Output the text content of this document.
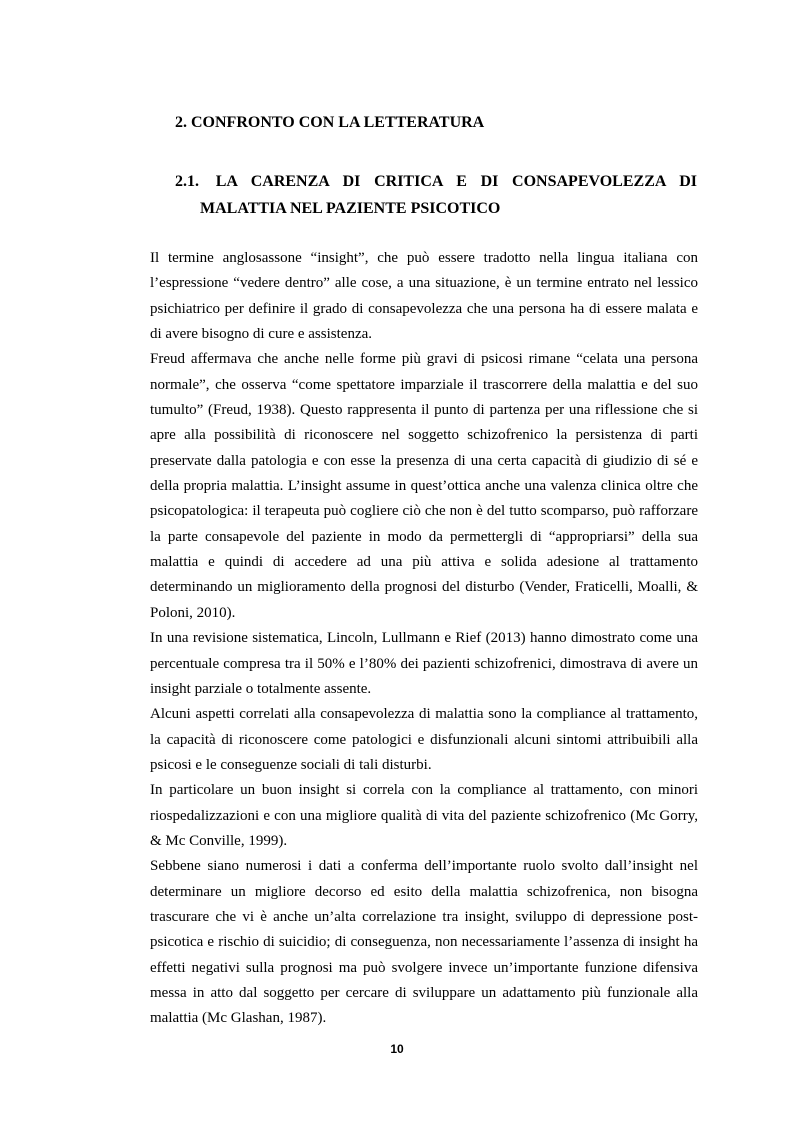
2. CONFRONTO CON LA LETTERATURA
2.1. LA CARENZA DI CRITICA E DI CONSAPEVOLEZZA DI
MALATTIA NEL PAZIENTE PSICOTICO

Il termine anglosassone “insight”, che può essere tradotto nella lingua italiana con l’espressione “vedere dentro” alle cose, a una situazione, è un termine entrato nel lessico psichiatrico per definire il grado di consapevolezza che una persona ha di essere malata e di avere bisogno di cure e assistenza.

Freud affermava che anche nelle forme più gravi di psicosi rimane “celata una persona normale”, che osserva “come spettatore imparziale il trascorrere della malattia e del suo tumulto” (Freud, 1938). Questo rappresenta il punto di partenza per una riflessione che si apre alla possibilità di riconoscere nel soggetto schizofrenico la persistenza di parti preservate dalla patologia e con esse la presenza di una certa capacità di giudizio di sé e della propria malattia. L’insight assume in quest’ottica anche una valenza clinica oltre che psicopatologica: il terapeuta può cogliere ciò che non è del tutto scomparso, può rafforzare la parte consapevole del paziente in modo da permettergli di “appropriarsi” della sua malattia e quindi di accedere ad una più attiva e solida adesione al trattamento determinando un miglioramento della prognosi del disturbo (Vender, Fraticelli, Moalli, & Poloni, 2010).

In una revisione sistematica, Lincoln, Lullmann e Rief (2013) hanno dimostrato come una percentuale compresa tra il 50% e l’80% dei pazienti schizofrenici, dimostrava di avere un insight parziale o totalmente assente.

Alcuni aspetti correlati alla consapevolezza di malattia sono la compliance al trattamento, la capacità di riconoscere come patologici e disfunzionali alcuni sintomi attribuibili alla psicosi e le conseguenze sociali di tali disturbi.

In particolare un buon insight si correla con la compliance al trattamento, con minori riospedalizzazioni e con una migliore qualità di vita del paziente schizofrenico (Mc Gorry, & Mc Conville, 1999).

Sebbene siano numerosi i dati a conferma dell’importante ruolo svolto dall’insight nel determinare un migliore decorso ed esito della malattia schizofrenica, non bisogna trascurare che vi è anche un’alta correlazione tra insight, sviluppo di depressione post-psicotica e rischio di suicidio; di conseguenza, non necessariamente l’assenza di insight ha effetti negativi sulla prognosi ma può svolgere invece un’importante funzione difensiva messa in atto dal soggetto per cercare di sviluppare un adattamento più funzionale alla malattia (Mc Glashan, 1987).

10
